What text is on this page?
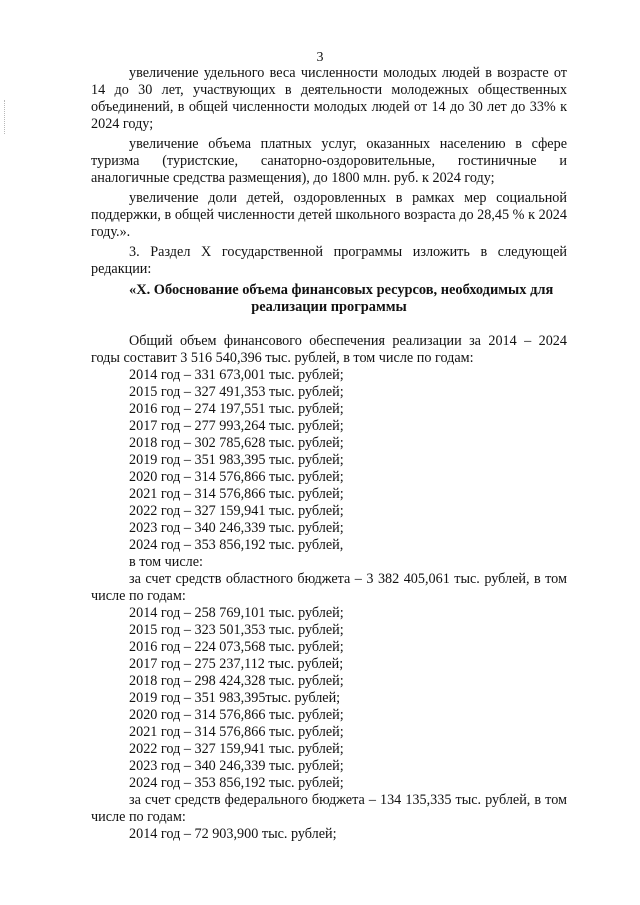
3

увеличение удельного веса численности молодых людей в возрасте от 14 до 30 лет, участвующих в деятельности молодежных общественных объединений, в общей численности молодых людей от 14 до 30 лет до 33% к 2024 году;

увеличение объема платных услуг, оказанных населению в сфере туризма (туристские, санаторно-оздоровительные, гостиничные и аналогичные средства размещения), до 1800 млн. руб. к 2024 году;

увеличение доли детей, оздоровленных в рамках мер социальной поддержки, в общей численности детей школьного возраста до 28,45 % к 2024 году.».

3. Раздел X государственной программы изложить в следующей редакции:

«X. Обоснование объема финансовых ресурсов, необходимых для
реализации программы

Общий объем финансового обеспечения реализации за 2014 – 2024 годы составит 3 516 540,396 тыс. рублей, в том числе по годам:

2014 год – 331 673,001 тыс. рублей;
2015 год – 327 491,353 тыс. рублей;
2016 год – 274 197,551 тыс. рублей;
2017 год – 277 993,264 тыс. рублей;
2018 год – 302 785,628 тыс. рублей;
2019 год – 351 983,395 тыс. рублей;
2020 год – 314 576,866 тыс. рублей;
2021 год – 314 576,866 тыс. рублей;
2022 год – 327 159,941 тыс. рублей;
2023 год – 340 246,339 тыс. рублей;
2024 год – 353 856,192 тыс. рублей,

в том числе:

за счет средств областного бюджета – 3 382 405,061 тыс. рублей, в том числе по годам:

2014 год – 258 769,101 тыс. рублей;
2015 год – 323 501,353 тыс. рублей;
2016 год – 224 073,568 тыс. рублей;
2017 год – 275 237,112 тыс. рублей;
2018 год – 298 424,328 тыс. рублей;
2019 год – 351 983,395тыс. рублей;
2020 год – 314 576,866 тыс. рублей;
2021 год – 314 576,866 тыс. рублей;
2022 год – 327 159,941 тыс. рублей;
2023 год – 340 246,339 тыс. рублей;
2024 год – 353 856,192 тыс. рублей;

за счет средств федерального бюджета – 134 135,335 тыс. рублей, в том числе по годам:

2014 год – 72 903,900 тыс. рублей;
